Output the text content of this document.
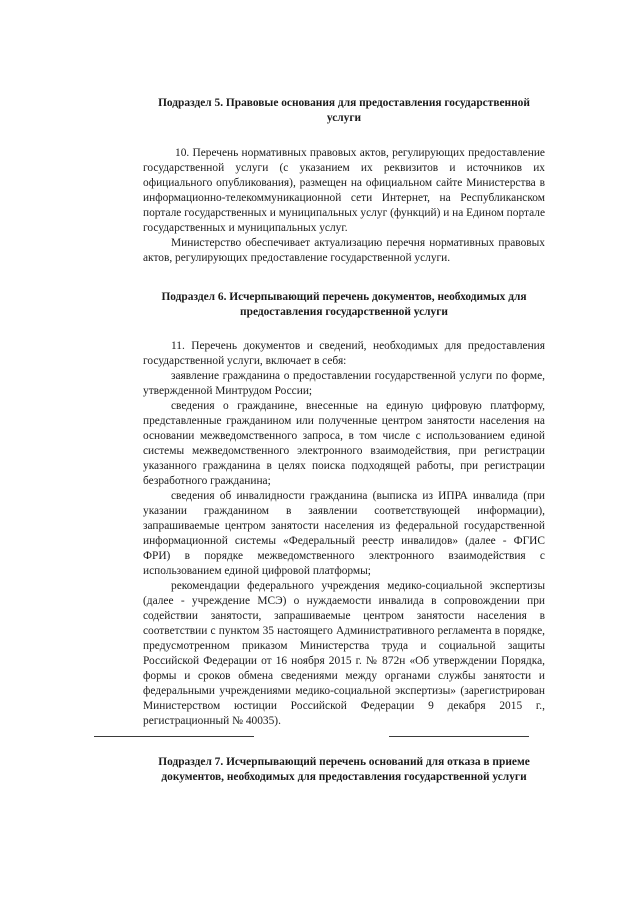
Подраздел 5. Правовые основания для предоставления государственной услуги

10. Перечень нормативных правовых актов, регулирующих предоставление государственной услуги (с указанием их реквизитов и источников их официального опубликования), размещен на официальном сайте Министерства в информационно-телекоммуникационной сети Интернет, на Республиканском портале государственных и муниципальных услуг (функций) и на Едином портале государственных и муниципальных услуг.

Министерство обеспечивает актуализацию перечня нормативных правовых актов, регулирующих предоставление государственной услуги.

Подраздел 6. Исчерпывающий перечень документов, необходимых для предоставления государственной услуги

11. Перечень документов и сведений, необходимых для предоставления государственной услуги, включает в себя:

заявление гражданина о предоставлении государственной услуги по форме, утвержденной Минтрудом России;

сведения о гражданине, внесенные на единую цифровую платформу, представленные гражданином или полученные центром занятости населения на основании межведомственного запроса, в том числе с использованием единой системы межведомственного электронного взаимодействия, при регистрации указанного гражданина в целях поиска подходящей работы, при регистрации безработного гражданина;

сведения об инвалидности гражданина (выписка из ИПРА инвалида (при указании гражданином в заявлении соответствующей информации), запрашиваемые центром занятости населения из федеральной государственной информационной системы «Федеральный реестр инвалидов» (далее - ФГИС ФРИ) в порядке межведомственного электронного взаимодействия с использованием единой цифровой платформы;

рекомендации федерального учреждения медико-социальной экспертизы (далее - учреждение МСЭ) о нуждаемости инвалида в сопровождении при содействии занятости, запрашиваемые центром занятости населения в соответствии с пунктом 35 настоящего Административного регламента в порядке, предусмотренном приказом Министерства труда и социальной защиты Российской Федерации от 16 ноября 2015 г. № 872н «Об утверждении Порядка, формы и сроков обмена сведениями между органами службы занятости и федеральными учреждениями медико-социальной экспертизы» (зарегистрирован Министерством юстиции Российской Федерации 9 декабря 2015 г., регистрационный № 40035).

Подраздел 7. Исчерпывающий перечень оснований для отказа в приеме документов, необходимых для предоставления государственной услуги
